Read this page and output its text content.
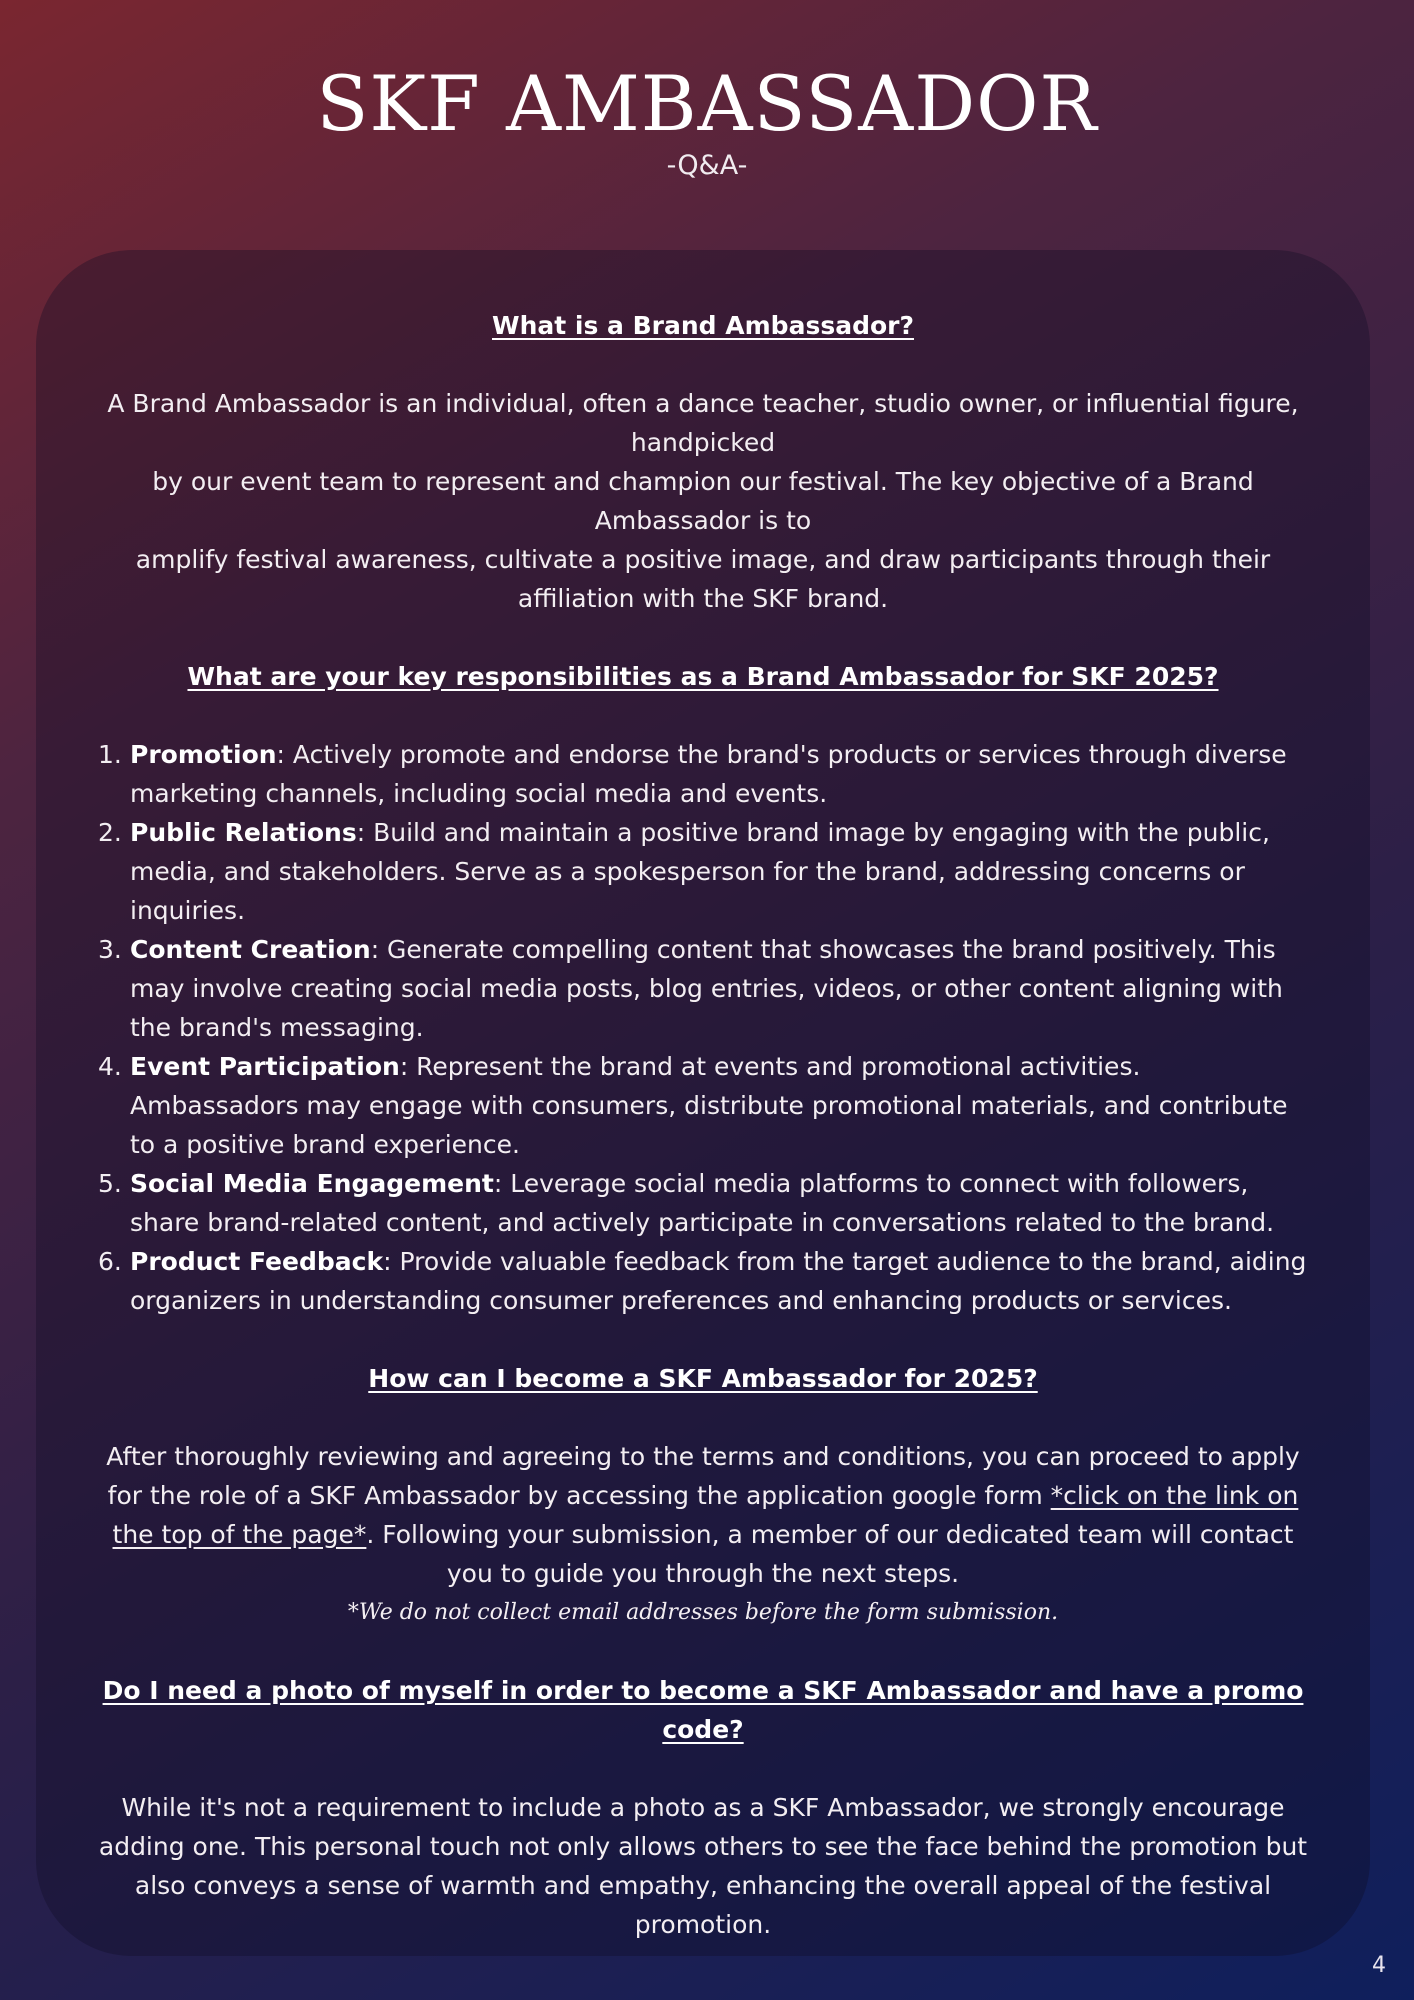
SKF AMBASSADOR
-Q&A-
What is a Brand Ambassador?

A Brand Ambassador is an individual, often a dance teacher, studio owner, or influential figure, handpicked

by our event team to represent and champion our festival. The key objective of a Brand Ambassador is to

amplify festival awareness, cultivate a positive image, and draw participants through their affiliation with the SKF brand.

What are your key responsibilities as a Brand Ambassador for SKF 2025?
1. Promotion: Actively promote and endorse the brand's products or services through diverse marketing channels, including social media and events.
2. Public Relations: Build and maintain a positive brand image by engaging with the public, media, and stakeholders. Serve as a spokesperson for the brand, addressing concerns or inquiries.
3. Content Creation: Generate compelling content that showcases the brand positively. This may involve creating social media posts, blog entries, videos, or other content aligning with the brand's messaging.
4. Event Participation: Represent the brand at events and promotional activities. Ambassadors may engage with consumers, distribute promotional materials, and contribute to a positive brand experience.
5. Social Media Engagement: Leverage social media platforms to connect with followers, share brand-related content, and actively participate in conversations related to the brand.
6. Product Feedback: Provide valuable feedback from the target audience to the brand, aiding organizers in understanding consumer preferences and enhancing products or services.
How can I become a SKF Ambassador for 2025?

After thoroughly reviewing and agreeing to the terms and conditions, you can proceed to apply for the role of a SKF Ambassador by accessing the application google form *click on the link on the top of the page*. Following your submission, a member of our dedicated team will contact you to guide you through the next steps.

*We do not collect email addresses before the form submission.

Do I need a photo of myself in order to become a SKF Ambassador and have a promo code?

While it's not a requirement to include a photo as a SKF Ambassador, we strongly encourage adding one. This personal touch not only allows others to see the face behind the promotion but also conveys a sense of warmth and empathy, enhancing the overall appeal of the festival promotion.

4
